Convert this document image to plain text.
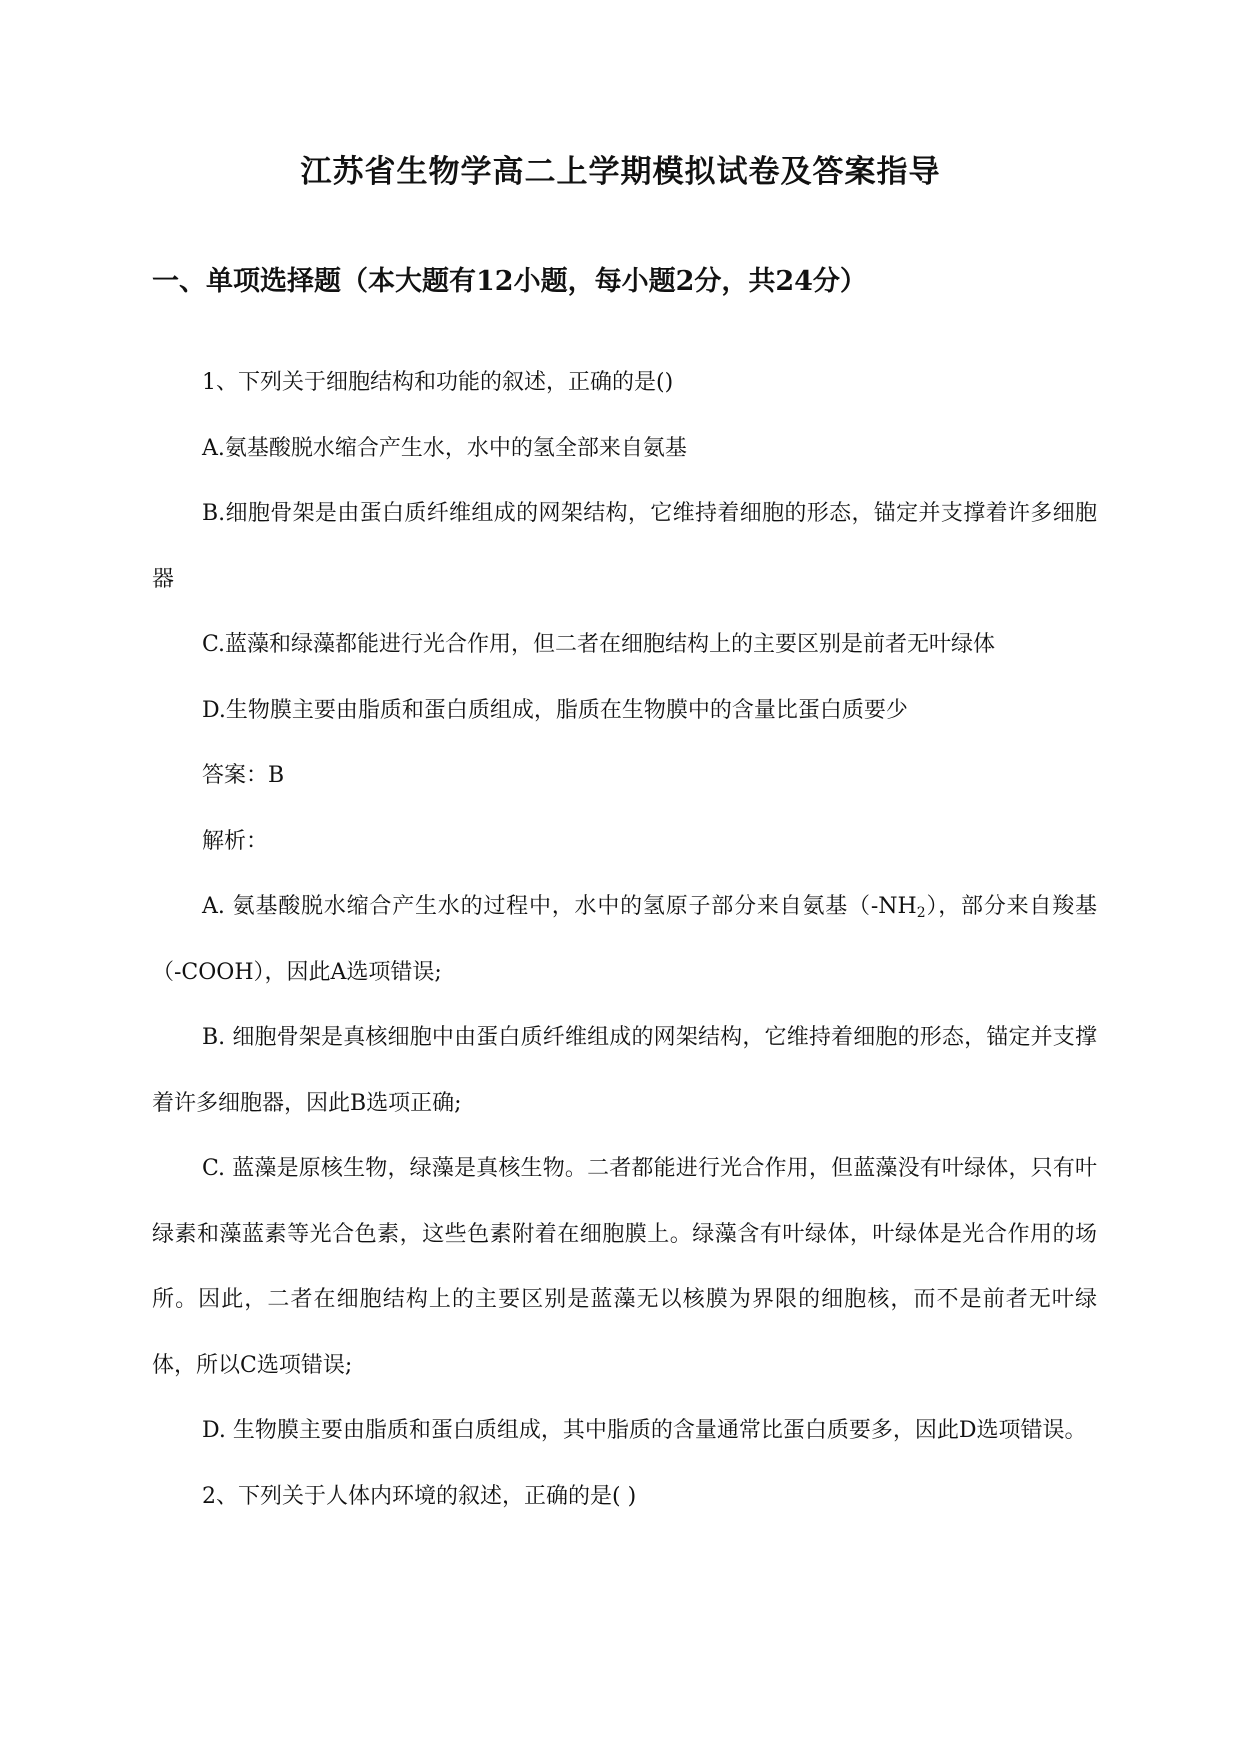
江苏省生物学高二上学期模拟试卷及答案指导
一、单项选择题（本大题有12小题，每小题2分，共24分）

1、下列关于细胞结构和功能的叙述，正确的是()

A.氨基酸脱水缩合产生水，水中的氢全部来自氨基

B.细胞骨架是由蛋白质纤维组成的网架结构，它维持着细胞的形态，锚定并支撑着许多细胞器

C.蓝藻和绿藻都能进行光合作用，但二者在细胞结构上的主要区别是前者无叶绿体

D.生物膜主要由脂质和蛋白质组成，脂质在生物膜中的含量比蛋白质要少

答案：B

解析：

A. 氨基酸脱水缩合产生水的过程中，水中的氢原子部分来自氨基$(-NH_2)$，部分来自羧基（-COOH），因此A选项错误;

B. 细胞骨架是真核细胞中由蛋白质纤维组成的网架结构，它维持着细胞的形态，锚定并支撑着许多细胞器，因此B选项正确;

C. 蓝藻是原核生物，绿藻是真核生物。二者都能进行光合作用，但蓝藻没有叶绿体，只有叶绿素和藻蓝素等光合色素，这些色素附着在细胞膜上。绿藻含有叶绿体，叶绿体是光合作用的场所。因此，二者在细胞结构上的主要区别是蓝藻无以核膜为界限的细胞核，而不是前者无叶绿体，所以C选项错误;

D. 生物膜主要由脂质和蛋白质组成，其中脂质的含量通常比蛋白质要多，因此D选项错误。

2、下列关于人体内环境的叙述，正确的是( )
